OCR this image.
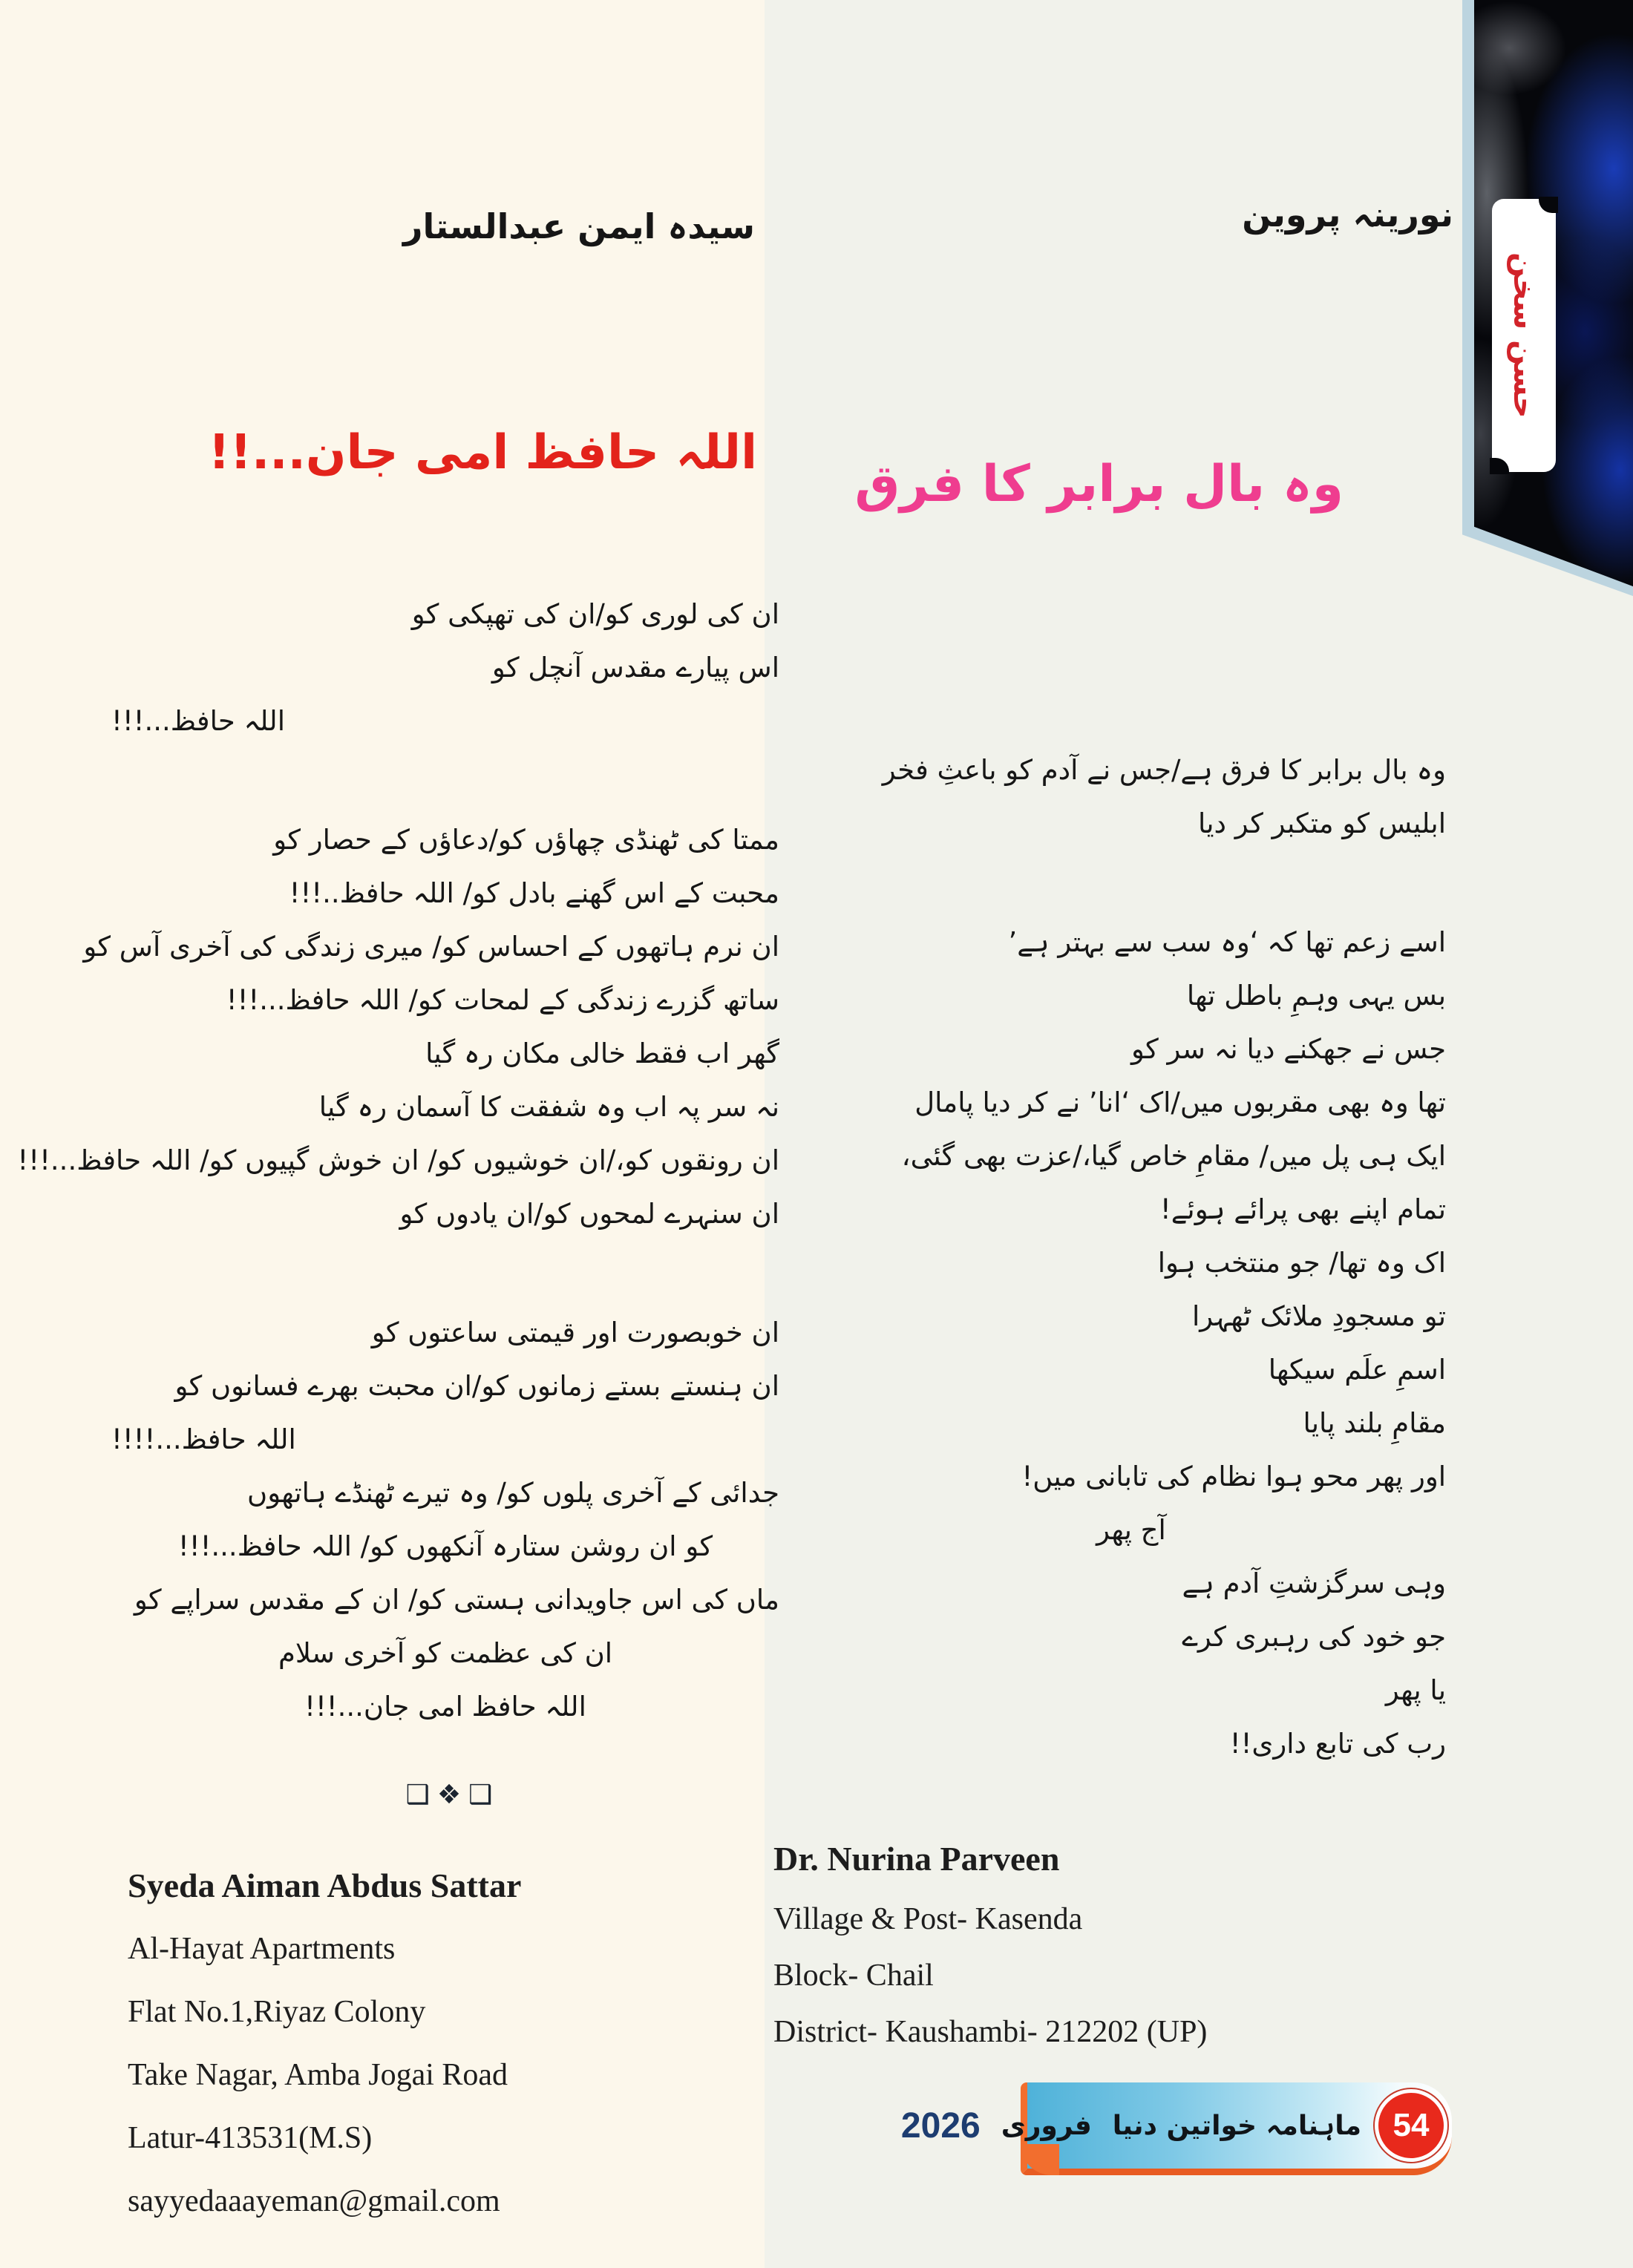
حسن سخن
سیدہ ایمن عبدالستار
اللہ حافظ امی جان...!!
ان کی لوری کو/ان کی تھپکی کو
اس پیارے مقدس آنچل کو
اللہ حافظ...!!!
ممتا کی ٹھنڈی چھاؤں کو/دعاؤں کے حصار کو
محبت کے اس گھنے بادل کو/ اللہ حافظ..!!!
ان نرم ہاتھوں کے احساس کو/ میری زندگی کی آخری آس کو
ساتھ گزرے زندگی کے لمحات کو/ اللہ حافظ...!!!
گھر اب فقط خالی مکان رہ گیا
نہ سر پہ اب وہ شفقت کا آسمان رہ گیا
ان رونقوں کو،/ان خوشیوں کو/ ان خوش گپیوں کو/ اللہ حافظ...!!!
ان سنہرے لمحوں کو/ان یادوں کو
ان خوبصورت اور قیمتی ساعتوں کو
ان ہنستے بستے زمانوں کو/ان محبت بھرے فسانوں کو
اللہ حافظ...!!!!
جدائی کے آخری پلوں کو/ وہ تیرے ٹھنڈے ہاتھوں
کو ان روشن ستارہ آنکھوں کو/ اللہ حافظ...!!!
ماں کی اس جاویدانی ہستی کو/ ان کے مقدس سراپے کو
ان کی عظمت کو آخری سلام
اللہ حافظ امی جان...!!!
❑❖❑
Syeda Aiman Abdus Sattar
Al-Hayat Apartments
Flat No.1,Riyaz Colony
Take Nagar, Amba Jogai Road
Latur-413531(M.S)
sayyedaaayeman@gmail.com
نورینہ پروین
وہ بال برابر کا فرق
وہ بال برابر کا فرق ہے/جس نے آدم کو باعثِ فخر
ابلیس کو متکبر کر دیا
اسے زعم تھا کہ ‘وہ سب سے بہتر ہے’
بس یہی وہمِ باطل تھا
جس نے جھکنے دیا نہ سر کو
تھا وہ بھی مقربوں میں/اک ‘انا’ نے کر دیا پامال
ایک ہی پل میں/ مقامِ خاص گیا،/عزت بھی گئی،
تمام اپنے بھی پرائے ہوئے!
اک وہ تھا/ جو منتخب ہوا
تو مسجودِ ملائک ٹھہرا
اسمِ علَم سیکھا
مقامِ بلند پایا
اور پھر محو ہوا نظام کی تابانی میں!
آج پھر
وہی سرگزشتِ آدم ہے
جو خود کی رہبری کرے
یا پھر
رب کی تابع داری!!
Dr. Nurina Parveen
Village & Post- Kasenda
Block- Chail
District- Kaushambi- 212202 (UP)
ماہنامہ خواتین دنیا
فروری
2026	54
